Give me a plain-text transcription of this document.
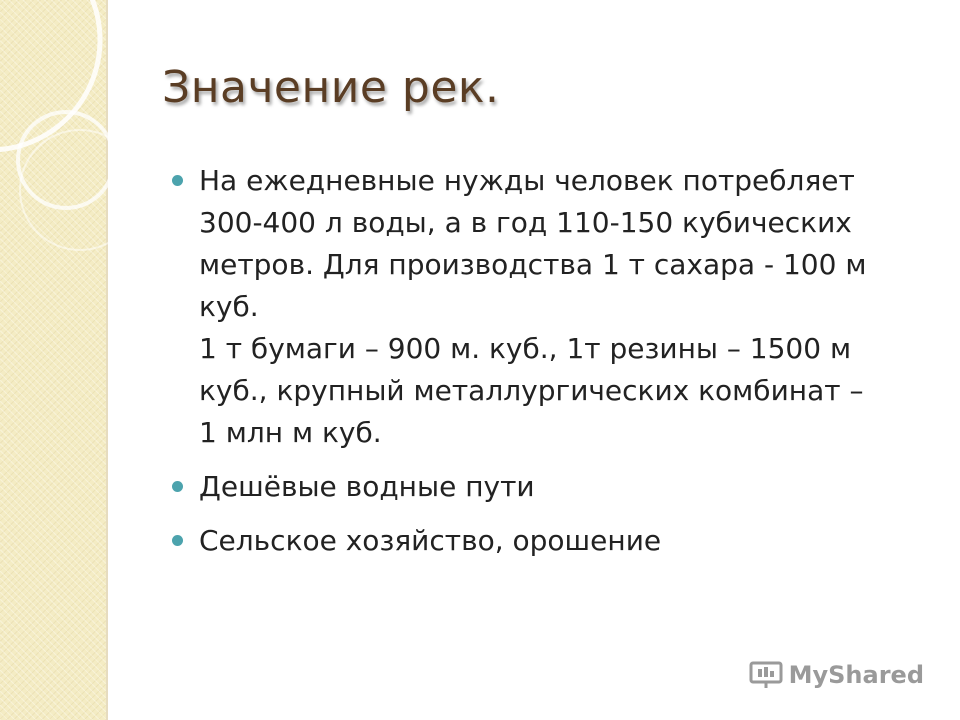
Значение рек.
На ежедневные нужды человек потребляет
300-400 л воды, а в год 110-150 кубических
метров. Для производства 1 т сахара - 100 м
куб.
1 т бумаги – 900 м. куб., 1т резины – 1500 м
куб., крупный металлургических комбинат –
1 млн м куб.
Дешёвые водные пути
Сельское хозяйство, орошение
MyShared
